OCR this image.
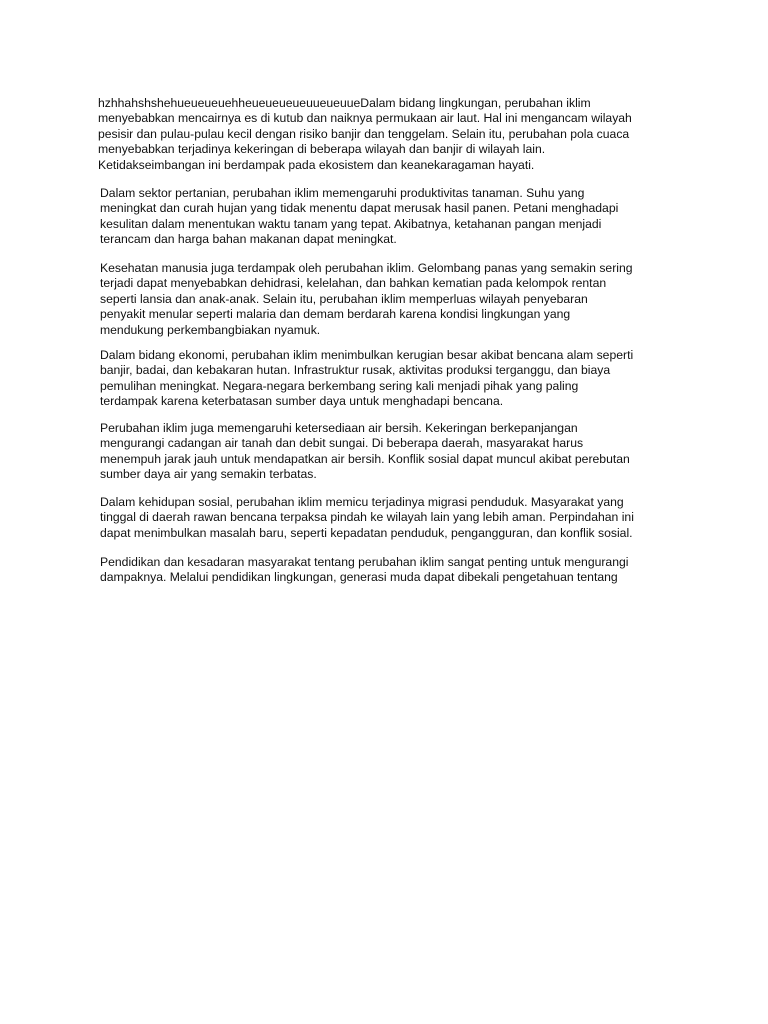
hzhhahshshehueueueuehheueueueueuueueuueDalam bidang lingkungan, perubahan iklim
menyebabkan mencairnya es di kutub dan naiknya permukaan air laut. Hal ini mengancam wilayah
pesisir dan pulau-pulau kecil dengan risiko banjir dan tenggelam. Selain itu, perubahan pola cuaca
menyebabkan terjadinya kekeringan di beberapa wilayah dan banjir di wilayah lain.
Ketidakseimbangan ini berdampak pada ekosistem dan keanekaragaman hayati.
Dalam sektor pertanian, perubahan iklim memengaruhi produktivitas tanaman. Suhu yang
meningkat dan curah hujan yang tidak menentu dapat merusak hasil panen. Petani menghadapi
kesulitan dalam menentukan waktu tanam yang tepat. Akibatnya, ketahanan pangan menjadi
terancam dan harga bahan makanan dapat meningkat.
Kesehatan manusia juga terdampak oleh perubahan iklim. Gelombang panas yang semakin sering
terjadi dapat menyebabkan dehidrasi, kelelahan, dan bahkan kematian pada kelompok rentan
seperti lansia dan anak-anak. Selain itu, perubahan iklim memperluas wilayah penyebaran
penyakit menular seperti malaria dan demam berdarah karena kondisi lingkungan yang
mendukung perkembangbiakan nyamuk.
Dalam bidang ekonomi, perubahan iklim menimbulkan kerugian besar akibat bencana alam seperti
banjir, badai, dan kebakaran hutan. Infrastruktur rusak, aktivitas produksi terganggu, dan biaya
pemulihan meningkat. Negara-negara berkembang sering kali menjadi pihak yang paling
terdampak karena keterbatasan sumber daya untuk menghadapi bencana.
Perubahan iklim juga memengaruhi ketersediaan air bersih. Kekeringan berkepanjangan
mengurangi cadangan air tanah dan debit sungai. Di beberapa daerah, masyarakat harus
menempuh jarak jauh untuk mendapatkan air bersih. Konflik sosial dapat muncul akibat perebutan
sumber daya air yang semakin terbatas.
Dalam kehidupan sosial, perubahan iklim memicu terjadinya migrasi penduduk. Masyarakat yang
tinggal di daerah rawan bencana terpaksa pindah ke wilayah lain yang lebih aman. Perpindahan ini
dapat menimbulkan masalah baru, seperti kepadatan penduduk, pengangguran, dan konflik sosial.
Pendidikan dan kesadaran masyarakat tentang perubahan iklim sangat penting untuk mengurangi
dampaknya. Melalui pendidikan lingkungan, generasi muda dapat dibekali pengetahuan tentang
